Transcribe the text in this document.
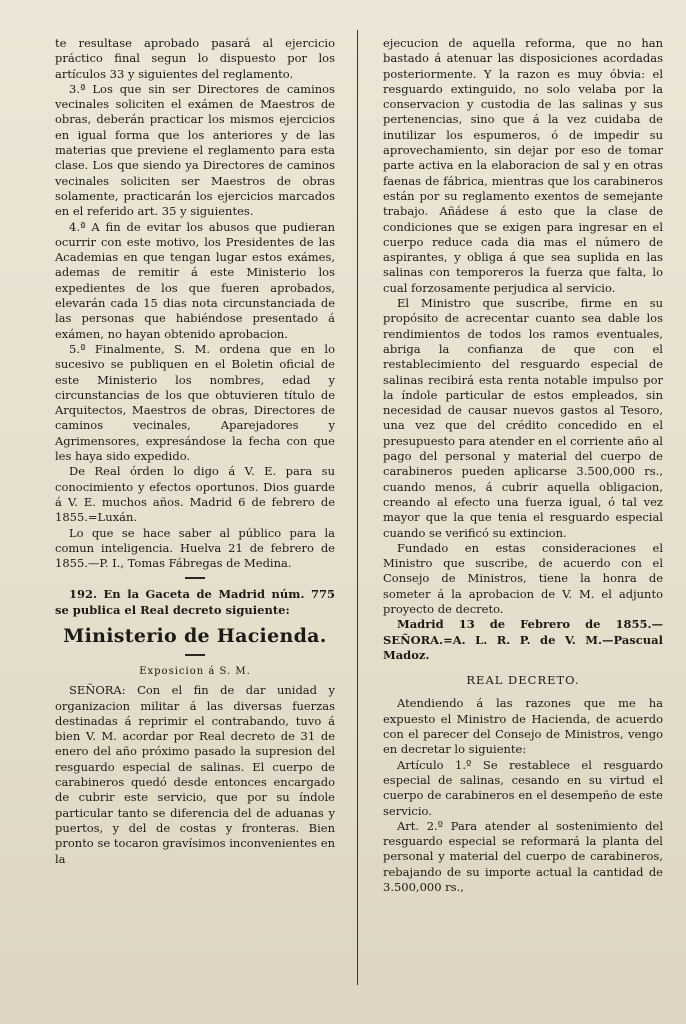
te resultase aprobado pasará al ejercicio práctico final segun lo dispuesto por los artículos 33 y siguientes del reglamento.

3.ª Los que sin ser Directores de caminos vecinales soliciten el exámen de Maestros de obras, deberán practicar los mismos ejercicios en igual forma que los anteriores y de las materias que previene el reglamento para esta clase. Los que siendo ya Directores de caminos vecinales soliciten ser Maestros de obras solamente, practicarán los ejercicios marcados en el referido art. 35 y siguientes.

4.ª A fin de evitar los abusos que pudieran ocurrir con este motivo, los Presidentes de las Academias en que tengan lugar estos exámes, ademas de remitir á este Ministerio los expedientes de los que fueren aprobados, elevarán cada 15 dias nota circunstanciada de las personas que habiéndose presentado á exámen, no hayan obtenido aprobacion.

5.ª Finalmente, S. M. ordena que en lo sucesivo se publiquen en el Boletin oficial de este Ministerio los nombres, edad y circunstancias de los que obtuvieren título de Arquitectos, Maestros de obras, Directores de caminos vecinales, Aparejadores y Agrimensores, expresándose la fecha con que les haya sido expedido.

De Real órden lo digo á V. E. para su conocimiento y efectos oportunos. Dios guarde á V. E. muchos años. Madrid 6 de febrero de 1855.=Luxán.

Lo que se hace saber al público para la comun inteligencia. Huelva 21 de febrero de 1855.—P. I., Tomas Fábregas de Medina.

192. En la Gaceta de Madrid núm. 775 se publica el Real decreto siguiente:

Ministerio de Hacienda.
Exposicion á S. M.

SEÑORA: Con el fin de dar unidad y organizacion militar á las diversas fuerzas destinadas á reprimir el contrabando, tuvo á bien V. M. acordar por Real decreto de 31 de enero del año próximo pasado la supresion del resguardo especial de salinas. El cuerpo de carabineros quedó desde entonces encargado de cubrir este servicio, que por su índole particular tanto se diferencia del de aduanas y puertos, y del de costas y fronteras. Bien pronto se tocaron gravísimos inconvenientes en la

ejecucion de aquella reforma, que no han bastado á atenuar las disposiciones acordadas posteriormente. Y la razon es muy óbvia: el resguardo extinguido, no solo velaba por la conservacion y custodia de las salinas y sus pertenencias, sino que á la vez cuidaba de inutilizar los espumeros, ó de impedir su aprovechamiento, sin dejar por eso de tomar parte activa en la elaboracion de sal y en otras faenas de fábrica, mientras que los carabineros están por su reglamento exentos de semejante trabajo. Añádese á esto que la clase de condiciones que se exigen para ingresar en el cuerpo reduce cada dia mas el número de aspirantes, y obliga á que sea suplida en las salinas con temporeros la fuerza que falta, lo cual forzosamente perjudica al servicio.

El Ministro que suscribe, firme en su propósito de acrecentar cuanto sea dable los rendimientos de todos los ramos eventuales, abriga la confianza de que con el restablecimiento del resguardo especial de salinas recibirá esta renta notable impulso por la índole particular de estos empleados, sin necesidad de causar nuevos gastos al Tesoro, una vez que del crédito concedido en el presupuesto para atender en el corriente año al pago del personal y material del cuerpo de carabineros pueden aplicarse 3.500,000 rs., cuando menos, á cubrir aquella obligacion, creando al efecto una fuerza igual, ó tal vez mayor que la que tenia el resguardo especial cuando se verificó su extincion.

Fundado en estas consideraciones el Ministro que suscribe, de acuerdo con el Consejo de Ministros, tiene la honra de someter á la aprobacion de V. M. el adjunto proyecto de decreto.

Madrid 13 de Febrero de 1855.—SEÑORA.=A. L. R. P. de V. M.—Pascual Madoz.

REAL DECRETO.

Atendiendo á las razones que me ha expuesto el Ministro de Hacienda, de acuerdo con el parecer del Consejo de Ministros, vengo en decretar lo siguiente:

Artículo 1.º Se restablece el resguardo especial de salinas, cesando en su virtud el cuerpo de carabineros en el desempeño de este servicio.

Art. 2.º Para atender al sostenimiento del resguardo especial se reformará la planta del personal y material del cuerpo de carabineros, rebajando de su importe actual la cantidad de 3.500,000 rs.,
